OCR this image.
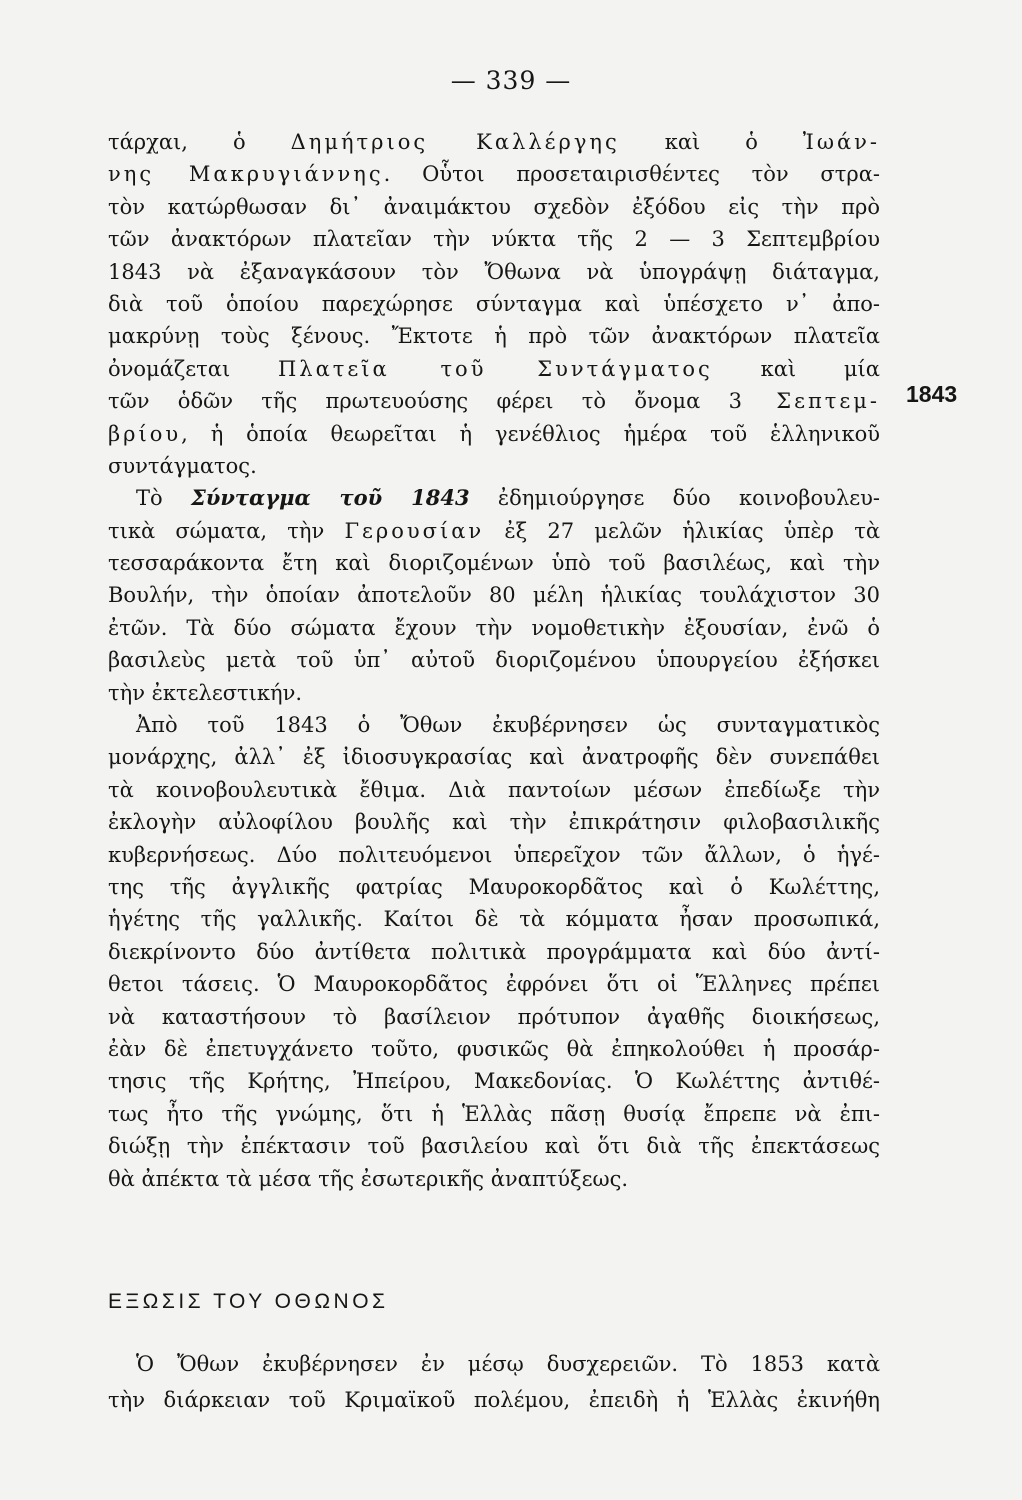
— 339 —
1843
τάρχαι, ὁ Δημήτριος Καλλέργης καὶ ὁ Ἰωάν-
νης Μακρυγιάννης. Οὗτοι προσεταιρισθέντες τὸν στρα-
τὸν κατώρθωσαν δι᾽ ἀναιμάκτου σχεδὸν ἐξόδου εἰς τὴν πρὸ
τῶν ἀνακτόρων πλατεῖαν τὴν νύκτα τῆς 2 — 3 Σεπτεμβρίου
1843 νὰ ἐξαναγκάσουν τὸν Ὄθωνα νὰ ὑπογράψῃ διάταγμα,
διὰ τοῦ ὁποίου παρεχώρησε σύνταγμα καὶ ὑπέσχετο ν᾽ ἀπο-
μακρύνῃ τοὺς ξένους. Ἔκτοτε ἡ πρὸ τῶν ἀνακτόρων πλατεῖα
ὀνομάζεται Πλατεῖα τοῦ Συντάγματος καὶ μία
τῶν ὁδῶν τῆς πρωτευούσης φέρει τὸ ὄνομα 3 Σεπτεμ-
βρίου, ἡ ὁποία θεωρεῖται ἡ γενέθλιος ἡμέρα τοῦ ἑλληνικοῦ
συντάγματος.
Τὸ Σύνταγμα τοῦ 1843 ἐδημιούργησε δύο κοινοβουλευ-
τικὰ σώματα, τὴν Γερουσίαν ἐξ 27 μελῶν ἡλικίας ὑπὲρ τὰ
τεσσαράκοντα ἔτη καὶ διοριζομένων ὑπὸ τοῦ βασιλέως, καὶ τὴν
Βουλήν, τὴν ὁποίαν ἀποτελοῦν 80 μέλη ἡλικίας τουλάχιστον 30
ἐτῶν. Τὰ δύο σώματα ἔχουν τὴν νομοθετικὴν ἐξουσίαν, ἐνῶ ὁ
βασιλεὺς μετὰ τοῦ ὑπ᾽ αὐτοῦ διοριζομένου ὑπουργείου ἐξήσκει
τὴν ἐκτελεστικήν.
Ἀπὸ τοῦ 1843 ὁ Ὄθων ἐκυβέρνησεν ὡς συνταγματικὸς
μονάρχης, ἀλλ᾽ ἐξ ἰδιοσυγκρασίας καὶ ἀνατροφῆς δὲν συνεπάθει
τὰ κοινοβουλευτικὰ ἔθιμα. Διὰ παντοίων μέσων ἐπεδίωξε τὴν
ἐκλογὴν αὐλοφίλου βουλῆς καὶ τὴν ἐπικράτησιν φιλοβασιλικῆς
κυβερνήσεως. Δύο πολιτευόμενοι ὑπερεῖχον τῶν ἄλλων, ὁ ἡγέ-
της τῆς ἀγγλικῆς φατρίας Μαυροκορδᾶτος καὶ ὁ Κωλέττης,
ἡγέτης τῆς γαλλικῆς. Καίτοι δὲ τὰ κόμματα ἦσαν προσωπικά,
διεκρίνοντο δύο ἀντίθετα πολιτικὰ προγράμματα καὶ δύο ἀντί-
θετοι τάσεις. Ὁ Μαυροκορδᾶτος ἐφρόνει ὅτι οἱ Ἕλληνες πρέπει
νὰ καταστήσουν τὸ βασίλειον πρότυπον ἀγαθῆς διοικήσεως,
ἐὰν δὲ ἐπετυγχάνετο τοῦτο, φυσικῶς θὰ ἐπηκολούθει ἡ προσάρ-
τησις τῆς Κρήτης, Ἠπείρου, Μακεδονίας. Ὁ Κωλέττης ἀντιθέ-
τως ἦτο τῆς γνώμης, ὅτι ἡ Ἑλλὰς πᾶσῃ θυσίᾳ ἔπρεπε νὰ ἐπι-
διώξῃ τὴν ἐπέκτασιν τοῦ βασιλείου καὶ ὅτι διὰ τῆς ἐπεκτάσεως
θὰ ἀπέκτα τὰ μέσα τῆς ἐσωτερικῆς ἀναπτύξεως.
ΕΞΩΣΙΣ ΤΟΥ ΟΘΩΝΟΣ
Ὁ Ὄθων ἐκυβέρνησεν ἐν μέσῳ δυσχερειῶν. Τὸ 1853 κατὰ
τὴν διάρκειαν τοῦ Κριμαϊκοῦ πολέμου, ἐπειδὴ ἡ Ἑλλὰς ἐκινήθη
